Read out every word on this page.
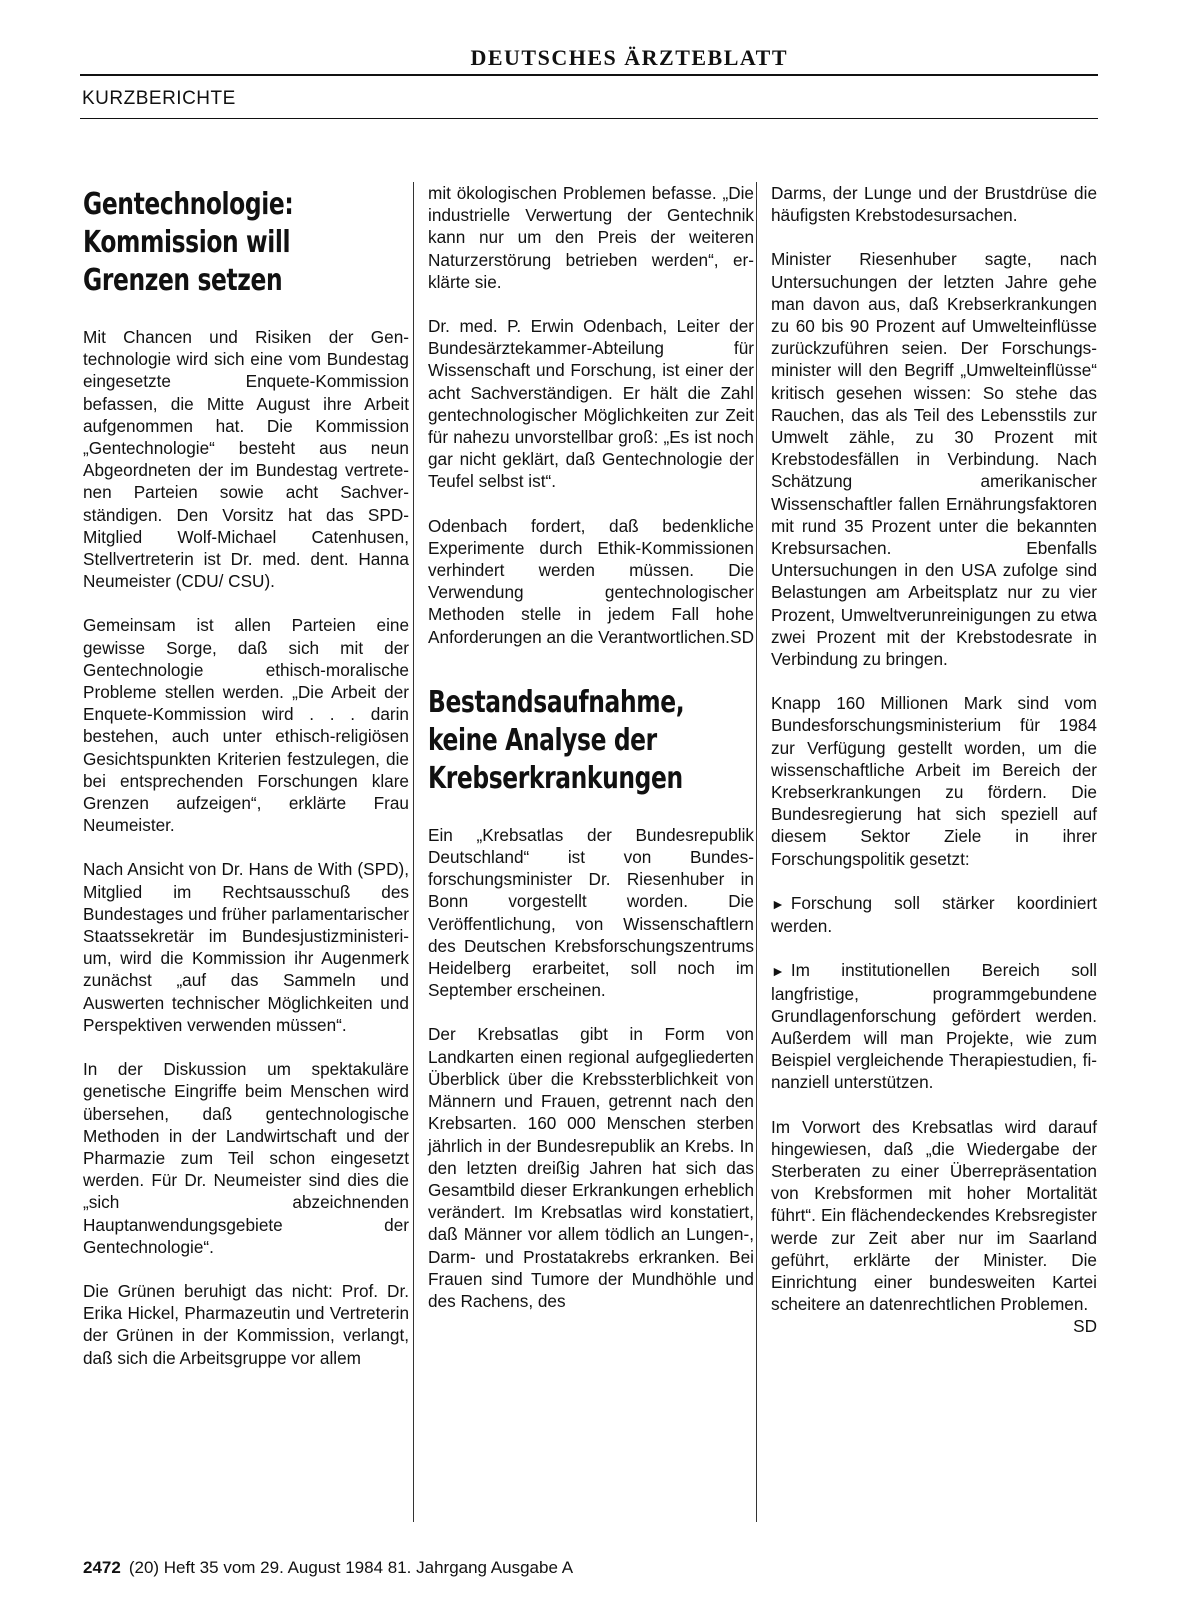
DEUTSCHES ÄRZTEBLATT
KURZBERICHTE
Gentechnologie:
Kommission will
Grenzen setzen

Mit Chancen und Risiken der Gentechnologie wird sich eine vom Bundestag eingesetzte Enquete-Kommission befassen, die Mitte August ihre Arbeit aufgenommen hat. Die Kommission „Gentechnologie“ besteht aus neun Abgeordneten der im Bundestag vertretenen Parteien sowie acht Sachverständigen. Den Vorsitz hat das SPD-Mitglied Wolf-Michael Catenhusen, Stellvertreterin ist Dr. med. dent. Hanna Neumeister (CDU/ CSU).

Gemeinsam ist allen Parteien eine gewisse Sorge, daß sich mit der Gentechnologie ethisch-moralische Probleme stellen werden. „Die Arbeit der Enquete-Kommission wird . . . darin bestehen, auch unter ethisch-religiösen Gesichtspunkten Kriterien festzulegen, die bei entsprechenden Forschungen klare Grenzen aufzeigen“, erklärte Frau Neumeister.

Nach Ansicht von Dr. Hans de With (SPD), Mitglied im Rechtsausschuß des Bundestages und früher parlamentarischer Staatssekretär im Bundesjustizministerium, wird die Kommission ihr Augenmerk zunächst „auf das Sammeln und Auswerten technischer Möglichkeiten und Perspektiven verwenden müssen“.

In der Diskussion um spektakuläre genetische Eingriffe beim Menschen wird übersehen, daß gentechnologische Methoden in der Landwirtschaft und der Pharmazie zum Teil schon eingesetzt werden. Für Dr. Neumeister sind dies die „sich abzeichnenden Hauptanwendungsgebiete der Gentechnologie“.

Die Grünen beruhigt das nicht: Prof. Dr. Erika Hickel, Pharmazeutin und Vertreterin der Grünen in der Kommission, verlangt, daß sich die Arbeitsgruppe vor allem

mit ökologischen Problemen befasse. „Die industrielle Verwertung der Gentechnik kann nur um den Preis der weiteren Naturzerstörung betrieben werden“, erklärte sie.

Dr. med. P. Erwin Odenbach, Leiter der Bundesärztekammer-Abteilung für Wissenschaft und Forschung, ist einer der acht Sachverständigen. Er hält die Zahl gentechnologischer Möglichkeiten zur Zeit für nahezu unvorstellbar groß: „Es ist noch gar nicht geklärt, daß Gentechnologie der Teufel selbst ist“.

Odenbach fordert, daß bedenkliche Experimente durch Ethik-Kommissionen verhindert werden müssen. Die Verwendung gentechnologischer Methoden stelle in jedem Fall hohe Anforderungen an die Verantwortlichen. SD

Bestandsaufnahme,
keine Analyse der
Krebserkrankungen

Ein „Krebsatlas der Bundesrepublik Deutschland“ ist von Bundesforschungsminister Dr. Riesenhuber in Bonn vorgestellt worden. Die Veröffentlichung, von Wissenschaftlern des Deutschen Krebsforschungszentrums Heidelberg erarbeitet, soll noch im September erscheinen.

Der Krebsatlas gibt in Form von Landkarten einen regional aufgegliederten Überblick über die Krebssterblichkeit von Männern und Frauen, getrennt nach den Krebsarten. 160 000 Menschen sterben jährlich in der Bundesrepublik an Krebs. In den letzten dreißig Jahren hat sich das Gesamtbild dieser Erkrankungen erheblich verändert. Im Krebsatlas wird konstatiert, daß Männer vor allem tödlich an Lungen-, Darm- und Prostatakrebs erkranken. Bei Frauen sind Tumore der Mundhöhle und des Rachens, des

Darms, der Lunge und der Brustdrüse die häufigsten Krebstodesursachen.

Minister Riesenhuber sagte, nach Untersuchungen der letzten Jahre gehe man davon aus, daß Krebserkrankungen zu 60 bis 90 Prozent auf Umwelteinflüsse zurückzuführen seien. Der Forschungsminister will den Begriff „Umwelteinflüsse“ kritisch gesehen wissen: So stehe das Rauchen, das als Teil des Lebensstils zur Umwelt zähle, zu 30 Prozent mit Krebstodesfällen in Verbindung. Nach Schätzung amerikanischer Wissenschaftler fallen Ernährungsfaktoren mit rund 35 Prozent unter die bekannten Krebsursachen. Ebenfalls Untersuchungen in den USA zufolge sind Belastungen am Arbeitsplatz nur zu vier Prozent, Umweltverunreinigungen zu etwa zwei Prozent mit der Krebstodesrate in Verbindung zu bringen.

Knapp 160 Millionen Mark sind vom Bundesforschungsministerium für 1984 zur Verfügung gestellt worden, um die wissenschaftliche Arbeit im Bereich der Krebserkrankungen zu fördern. Die Bundesregierung hat sich speziell auf diesem Sektor Ziele in ihrer Forschungspolitik gesetzt:

► Forschung soll stärker koordiniert werden.

► Im institutionellen Bereich soll langfristige, programmgebundene Grundlagenforschung gefördert werden. Außerdem will man Projekte, wie zum Beispiel vergleichende Therapiestudien, finanziell unterstützen.

Im Vorwort des Krebsatlas wird darauf hingewiesen, daß „die Wiedergabe der Sterberaten zu einer Überrepräsentation von Krebsformen mit hoher Mortalität führt“. Ein flächendeckendes Krebsregister werde zur Zeit aber nur im Saarland geführt, erklärte der Minister. Die Einrichtung einer bundesweiten Kartei scheitere an datenrechtlichen Problemen.
SD

2472 (20) Heft 35 vom 29. August 1984 81. Jahrgang Ausgabe A
